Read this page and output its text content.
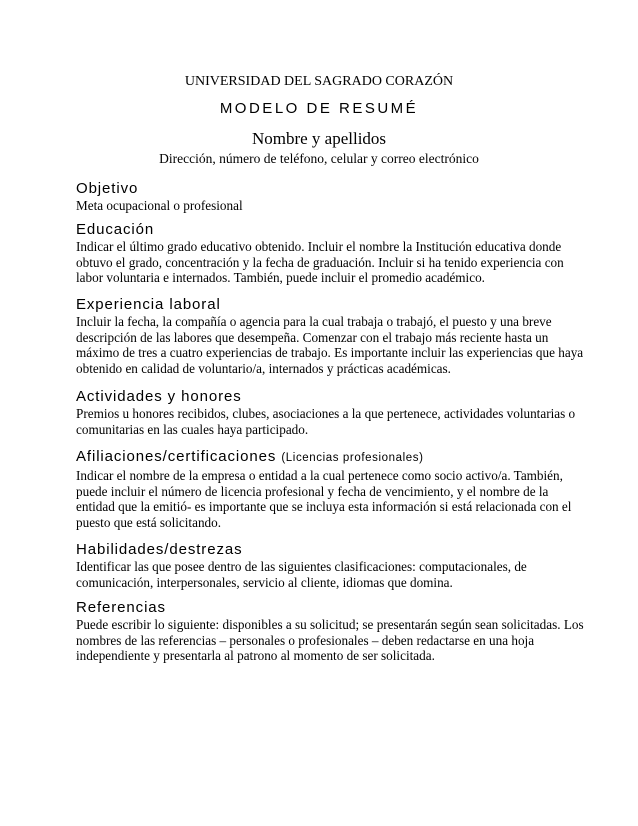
UNIVERSIDAD DEL SAGRADO CORAZÓN
MODELO DE RESUMÉ
Nombre y apellidos
Dirección, número de teléfono, celular y correo electrónico
Objetivo
Meta ocupacional o profesional
Educación
Indicar el último grado educativo obtenido. Incluir el nombre la Institución educativa donde
obtuvo el grado, concentración y la fecha de graduación. Incluir si ha tenido experiencia con
labor voluntaria e internados. También, puede incluir el promedio académico.
Experiencia laboral
Incluir la fecha, la compañía o agencia para la cual trabaja o trabajó, el puesto y una breve
descripción de las labores que desempeña. Comenzar con el trabajo más reciente hasta un
máximo de tres a cuatro experiencias de trabajo. Es importante incluir las experiencias que haya
obtenido en calidad de voluntario/a, internados y prácticas académicas.
Actividades y honores
Premios u honores recibidos, clubes, asociaciones a la que pertenece, actividades voluntarias o
comunitarias en las cuales haya participado.
Afiliaciones/certificaciones (Licencias profesionales)
Indicar el nombre de la empresa o entidad a la cual pertenece como socio activo/a. También,
puede incluir el número de licencia profesional y fecha de vencimiento, y el nombre de la
entidad que la emitió- es importante que se incluya esta información si está relacionada con el
puesto que está solicitando.
Habilidades/destrezas
Identificar las que posee dentro de las siguientes clasificaciones: computacionales, de
comunicación, interpersonales, servicio al cliente, idiomas que domina.
Referencias
Puede escribir lo siguiente: disponibles a su solicitud; se presentarán según sean solicitadas. Los
nombres de las referencias – personales o profesionales – deben redactarse en una hoja
independiente y presentarla al patrono al momento de ser solicitada.
